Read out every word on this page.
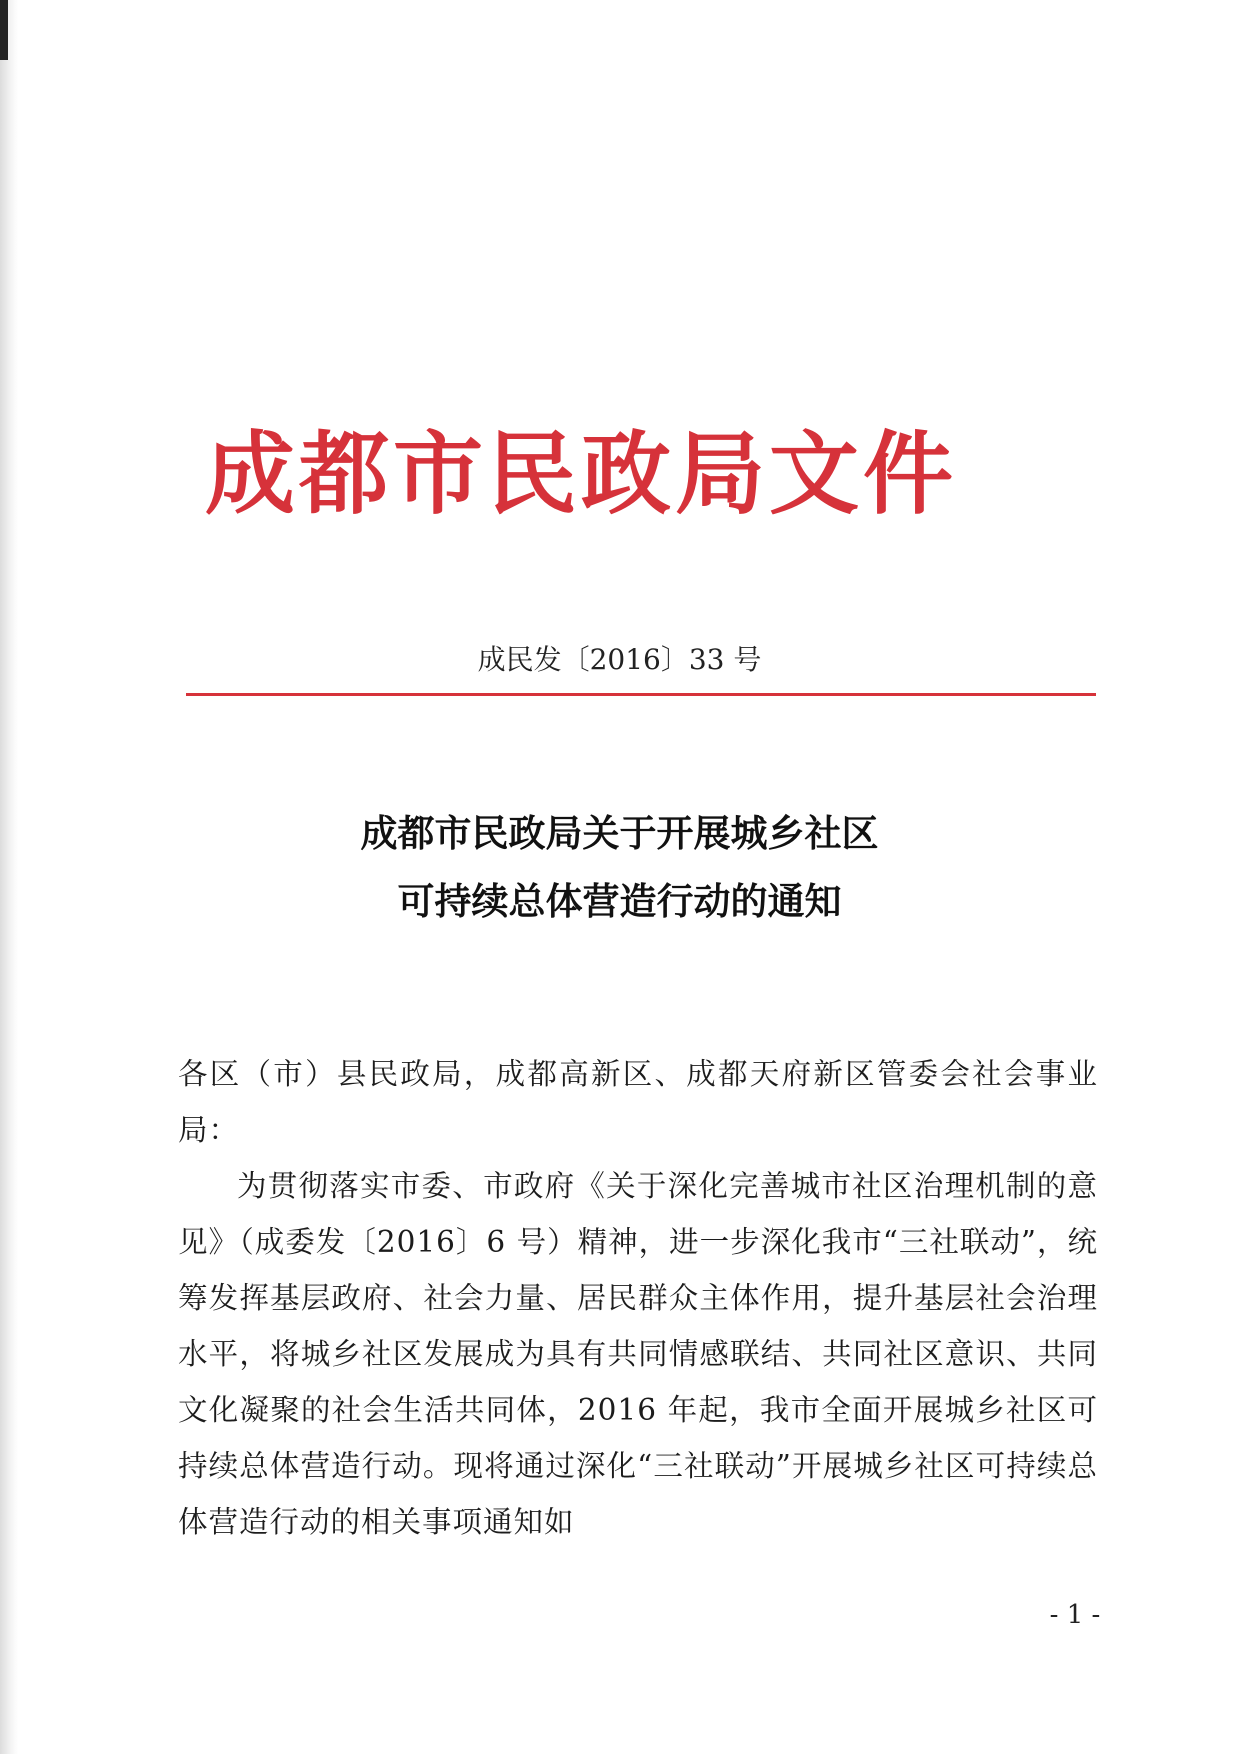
成都市民政局文件
成民发〔2016〕33 号
成都市民政局关于开展城乡社区
可持续总体营造行动的通知

各区（市）县民政局，成都高新区、成都天府新区管委会社会事业局：

为贯彻落实市委、市政府《关于深化完善城市社区治理机制的意见》（成委发〔2016〕6 号）精神，进一步深化我市“三社联动”，统筹发挥基层政府、社会力量、居民群众主体作用，提升基层社会治理水平，将城乡社区发展成为具有共同情感联结、共同社区意识、共同文化凝聚的社会生活共同体，2016 年起，我市全面开展城乡社区可持续总体营造行动。现将通过深化“三社联动”开展城乡社区可持续总体营造行动的相关事项通知如

- 1 -
